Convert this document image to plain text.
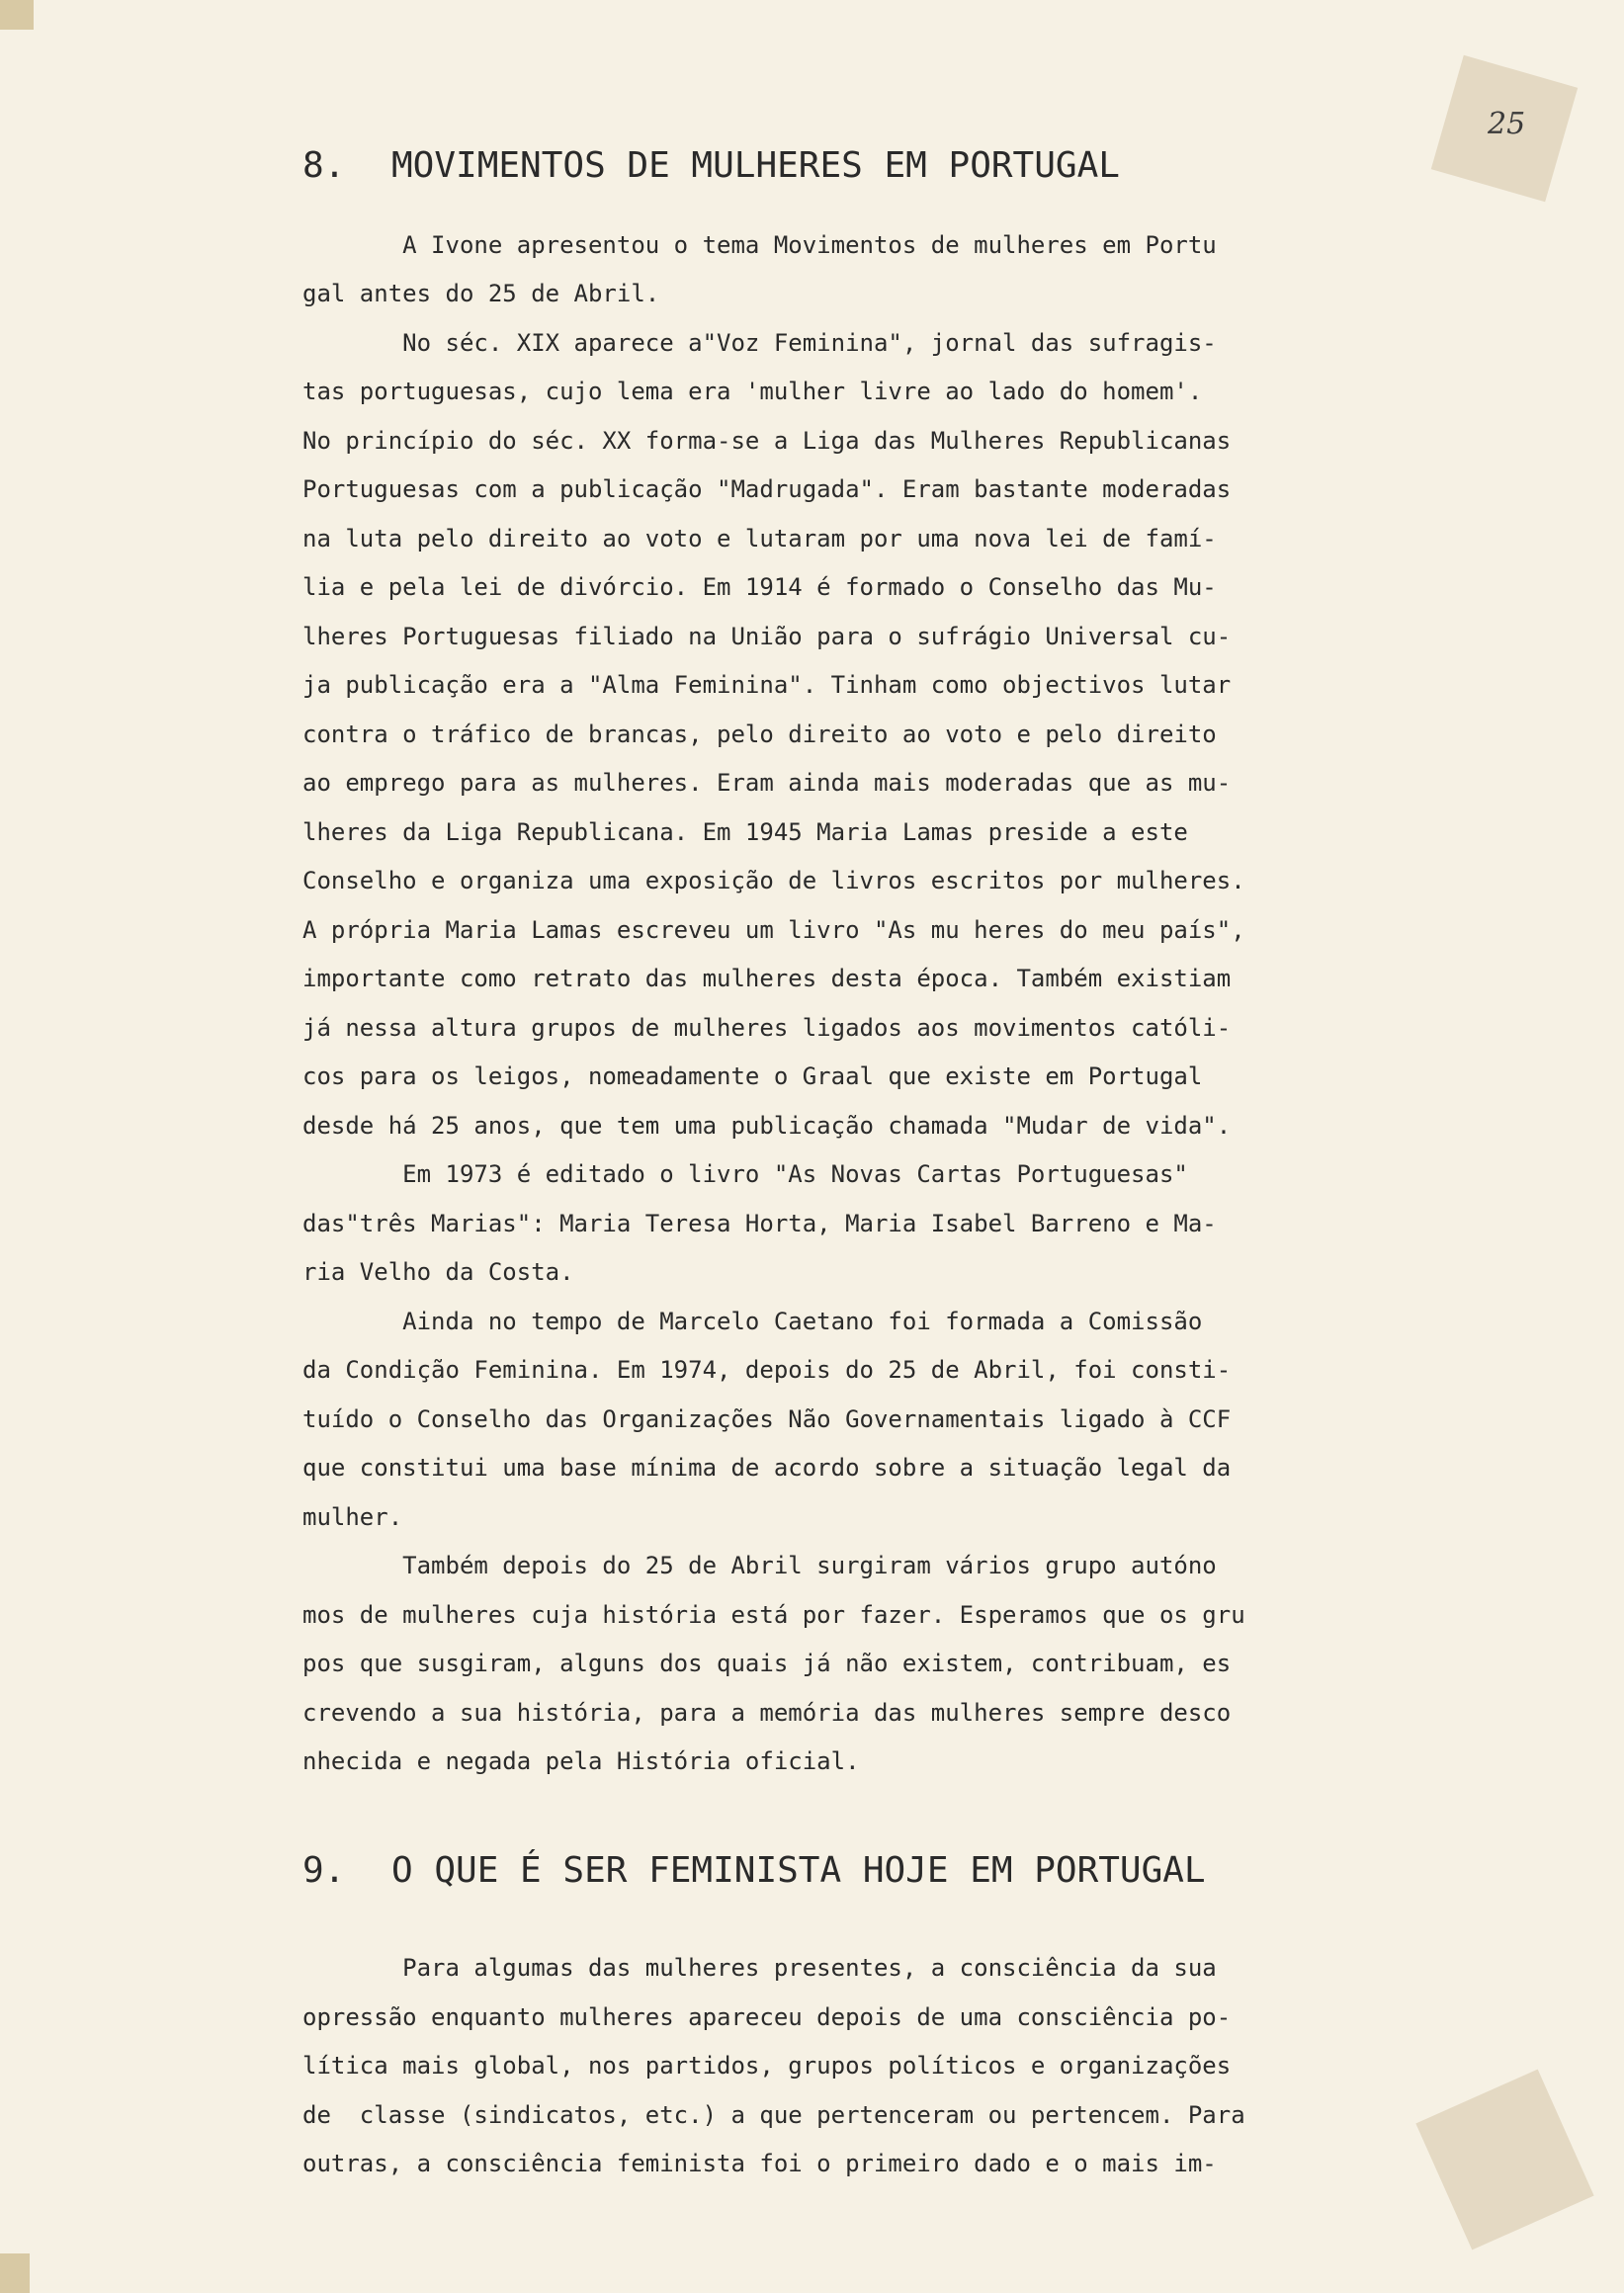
25
8. MOVIMENTOS DE MULHERES EM PORTUGAL
A Ivone apresentou o tema Movimentos de mulheres em Portu
gal antes do 25 de Abril.
No séc. XIX aparece a"Voz Feminina", jornal das sufragis-
tas portuguesas, cujo lema era 'mulher livre ao lado do homem'.
No princípio do séc. XX forma-se a Liga das Mulheres Republicanas
Portuguesas com a publicação "Madrugada". Eram bastante moderadas
na luta pelo direito ao voto e lutaram por uma nova lei de famí-
lia e pela lei de divórcio. Em 1914 é formado o Conselho das Mu-
lheres Portuguesas filiado na União para o sufrágio Universal cu-
ja publicação era a "Alma Feminina". Tinham como objectivos lutar
contra o tráfico de brancas, pelo direito ao voto e pelo direito
ao emprego para as mulheres. Eram ainda mais moderadas que as mu-
lheres da Liga Republicana. Em 1945 Maria Lamas preside a este
Conselho e organiza uma exposição de livros escritos por mulheres.
A própria Maria Lamas escreveu um livro "As mu heres do meu país",
importante como retrato das mulheres desta época. Também existiam
já nessa altura grupos de mulheres ligados aos movimentos católi-
cos para os leigos, nomeadamente o Graal que existe em Portugal
desde há 25 anos, que tem uma publicação chamada "Mudar de vida".
Em 1973 é editado o livro "As Novas Cartas Portuguesas"
das"três Marias": Maria Teresa Horta, Maria Isabel Barreno e Ma-
ria Velho da Costa.
Ainda no tempo de Marcelo Caetano foi formada a Comissão
da Condição Feminina. Em 1974, depois do 25 de Abril, foi consti-
tuído o Conselho das Organizações Não Governamentais ligado à CCF
que constitui uma base mínima de acordo sobre a situação legal da
mulher.
Também depois do 25 de Abril surgiram vários grupo autóno
mos de mulheres cuja história está por fazer. Esperamos que os gru
pos que susgiram, alguns dos quais já não existem, contribuam, es
crevendo a sua história, para a memória das mulheres sempre desco
nhecida e negada pela História oficial.
9. O QUE É SER FEMINISTA HOJE EM PORTUGAL
Para algumas das mulheres presentes, a consciência da sua
opressão enquanto mulheres apareceu depois de uma consciência po-
lítica mais global, nos partidos, grupos políticos e organizações
de  classe (sindicatos, etc.) a que pertenceram ou pertencem. Para
outras, a consciência feminista foi o primeiro dado e o mais im-
